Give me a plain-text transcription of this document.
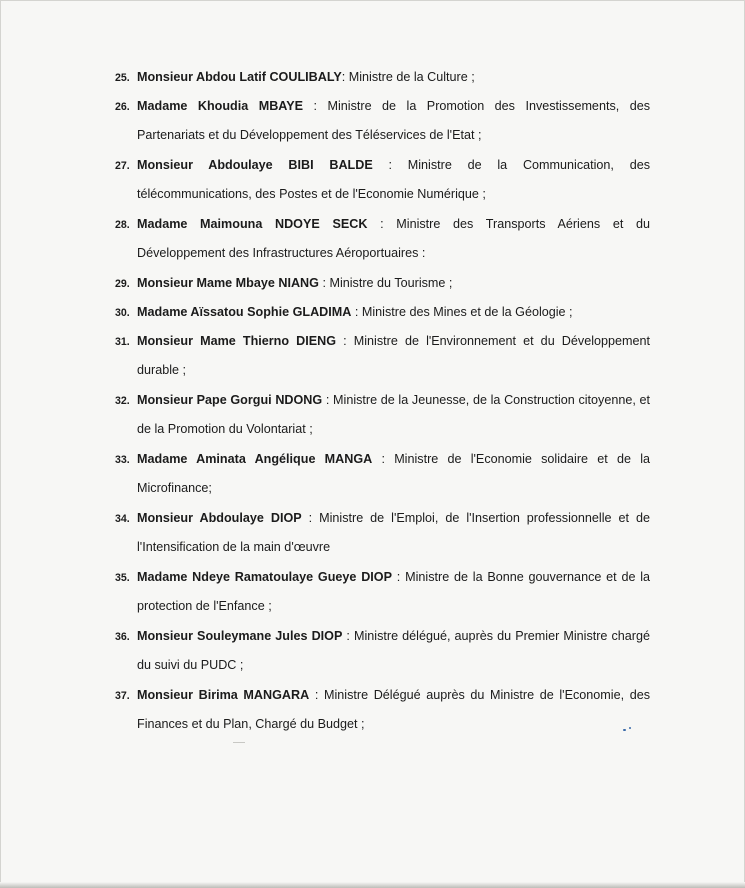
25. Monsieur Abdou Latif COULIBALY: Ministre de la Culture ;
26. Madame Khoudia MBAYE : Ministre de la Promotion des Investissements, des Partenariats et du Développement des Téléservices de l'Etat ;
27. Monsieur Abdoulaye BIBI BALDE : Ministre de la Communication, des télécommunications, des Postes et de l'Economie Numérique ;
28. Madame Maimouna NDOYE SECK : Ministre des Transports Aériens et du Développement des Infrastructures Aéroportuaires :
29. Monsieur Mame Mbaye NIANG : Ministre du Tourisme ;
30. Madame Aïssatou Sophie GLADIMA : Ministre des Mines et de la Géologie ;
31. Monsieur Mame Thierno DIENG : Ministre de l'Environnement et du Développement durable ;
32. Monsieur Pape Gorgui NDONG : Ministre de la Jeunesse, de la Construction citoyenne, et de la Promotion du Volontariat ;
33. Madame Aminata Angélique MANGA : Ministre de l'Economie solidaire et de la Microfinance;
34. Monsieur Abdoulaye DIOP : Ministre de l'Emploi, de l'Insertion professionnelle et de l'Intensification de la main d'œuvre
35. Madame Ndeye Ramatoulaye Gueye DIOP : Ministre de la Bonne gouvernance et de la protection de l'Enfance ;
36. Monsieur Souleymane Jules DIOP : Ministre délégué, auprès du Premier Ministre chargé du suivi du PUDC ;
37. Monsieur Birima MANGARA : Ministre Délégué auprès du Ministre de l'Economie, des Finances et du Plan, Chargé du Budget ;
